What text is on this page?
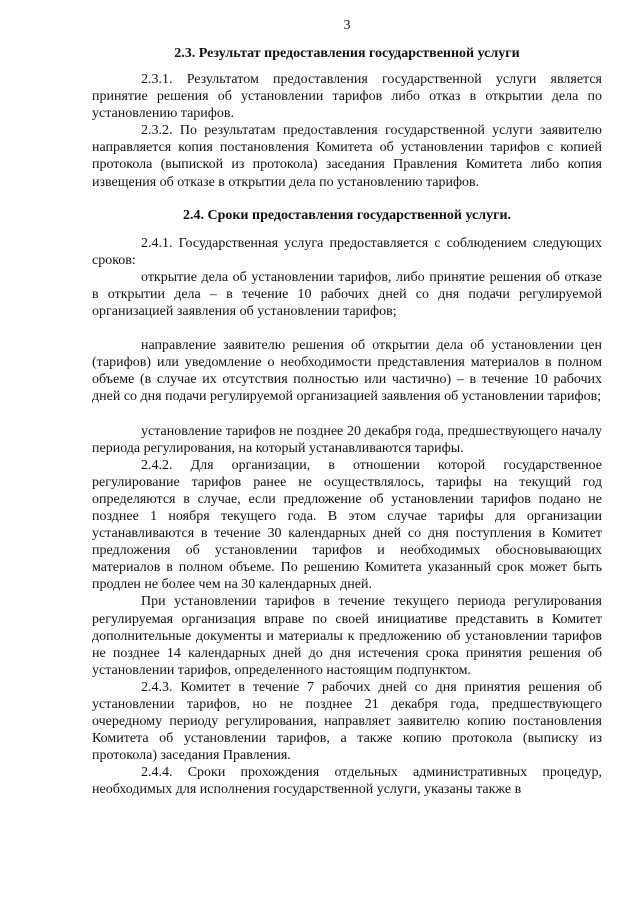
3
2.3. Результат предоставления государственной услуги

2.3.1. Результатом предоставления государственной услуги является принятие решения об установлении тарифов либо отказ в открытии дела по установлению тарифов.

2.3.2. По результатам предоставления государственной услуги заявителю направляется копия постановления Комитета об установлении тарифов с копией протокола (выпиской из протокола) заседания Правления Комитета либо копия извещения об отказе в открытии дела по установлению тарифов.

2.4. Сроки предоставления государственной услуги.

2.4.1. Государственная услуга предоставляется с соблюдением следующих сроков:

открытие дела об установлении тарифов, либо принятие решения об отказе в открытии дела – в течение 10 рабочих дней со дня подачи регулируемой организацией заявления об установлении тарифов;

направление заявителю решения об открытии дела об установлении цен (тарифов) или уведомление о необходимости представления материалов в полном объеме (в случае их отсутствия полностью или частично) – в течение 10 рабочих дней со дня подачи регулируемой организацией заявления об установлении тарифов;

установление тарифов не позднее 20 декабря года, предшествующего началу периода регулирования, на который устанавливаются тарифы.

2.4.2. Для организации, в отношении которой государственное регулирование тарифов ранее не осуществлялось, тарифы на текущий год определяются в случае, если предложение об установлении тарифов подано не позднее 1 ноября текущего года. В этом случае тарифы для организации устанавливаются в течение 30 календарных дней со дня поступления в Комитет предложения об установлении тарифов и необходимых обосновывающих материалов в полном объеме. По решению Комитета указанный срок может быть продлен не более чем на 30 календарных дней.

При установлении тарифов в течение текущего периода регулирования регулируемая организация вправе по своей инициативе представить в Комитет дополнительные документы и материалы к предложению об установлении тарифов не позднее 14 календарных дней до дня истечения срока принятия решения об установлении тарифов, определенного настоящим подпунктом.

2.4.3. Комитет в течение 7 рабочих дней со дня принятия решения об установлении тарифов, но не позднее 21 декабря года, предшествующего очередному периоду регулирования, направляет заявителю копию постановления Комитета об установлении тарифов, а также копию протокола (выписку из протокола) заседания Правления.

2.4.4. Сроки прохождения отдельных административных процедур, необходимых для исполнения государственной услуги, указаны также в
